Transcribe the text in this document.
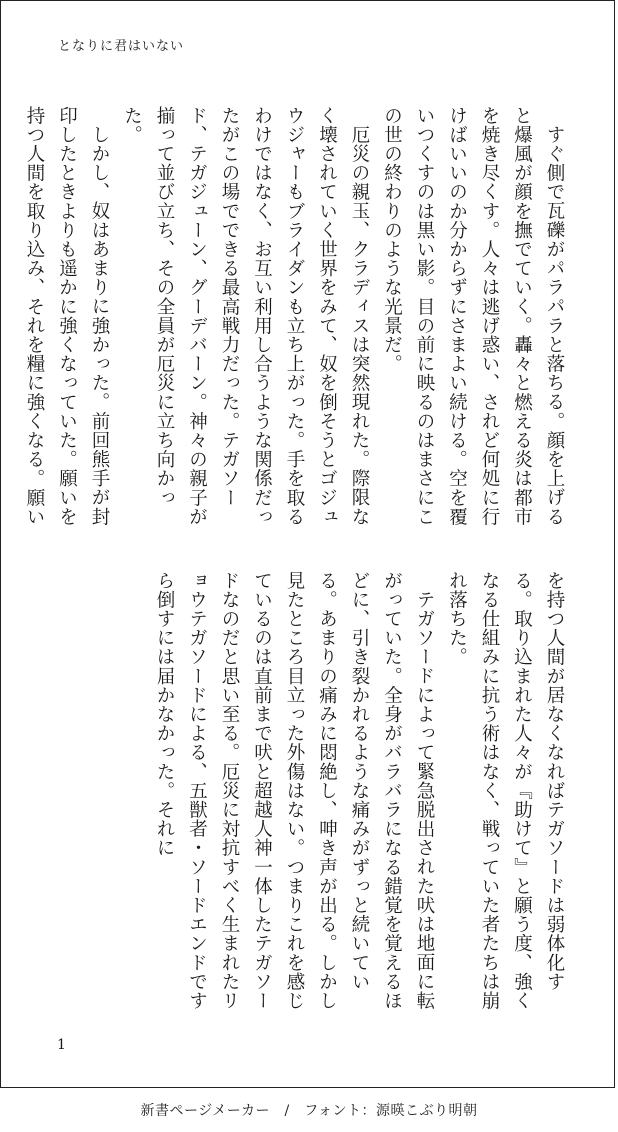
となりに君はいない

すぐ側で瓦礫がパラパラと落ちる。顔を上げると爆風が顔を撫でていく。轟々と燃える炎は都市を焼き尽くす。人々は逃げ惑い、されど何処に行けばいいのか分からずにさまよい続ける。空を覆いつくすのは黒い影。目の前に映るのはまさにこの世の終わりのような光景だ。

厄災の親玉、クラディスは突然現れた。際限なく壊されていく世界をみて、奴を倒そうとゴジュウジャーもブライダンも立ち上がった。手を取るわけではなく、お互い利用し合うような関係だったがこの場でできる最高戦力だった。テガソード、テガジューン、グーデバーン。神々の親子が揃って並び立ち、その全員が厄災に立ち向かった。

しかし、奴はあまりに強かった。前回熊手が封印したときよりも遥かに強くなっていた。願いを持つ人間を取り込み、それを糧に強くなる。願い

を持つ人間が居なくなればテガソードは弱体化する。取り込まれた人々が『助けて』と願う度、強くなる仕組みに抗う術はなく、戦っていた者たちは崩れ落ちた。

テガソードによって緊急脱出された吠は地面に転がっていた。全身がバラバラになる錯覚を覚えるほどに、引き裂かれるような痛みがずっと続いている。あまりの痛みに悶絶し、呻き声が出る。しかし見たところ目立った外傷はない。つまりこれを感じているのは直前まで吠と超越人神一体したテガソードなのだと思い至る。厄災に対抗すべく生まれたリョウテガソードによる、五獣者・ソードエンドですら倒すには届かなかった。それに

1
新書ページメーカー　/　フォント：源暎こぶり明朝
